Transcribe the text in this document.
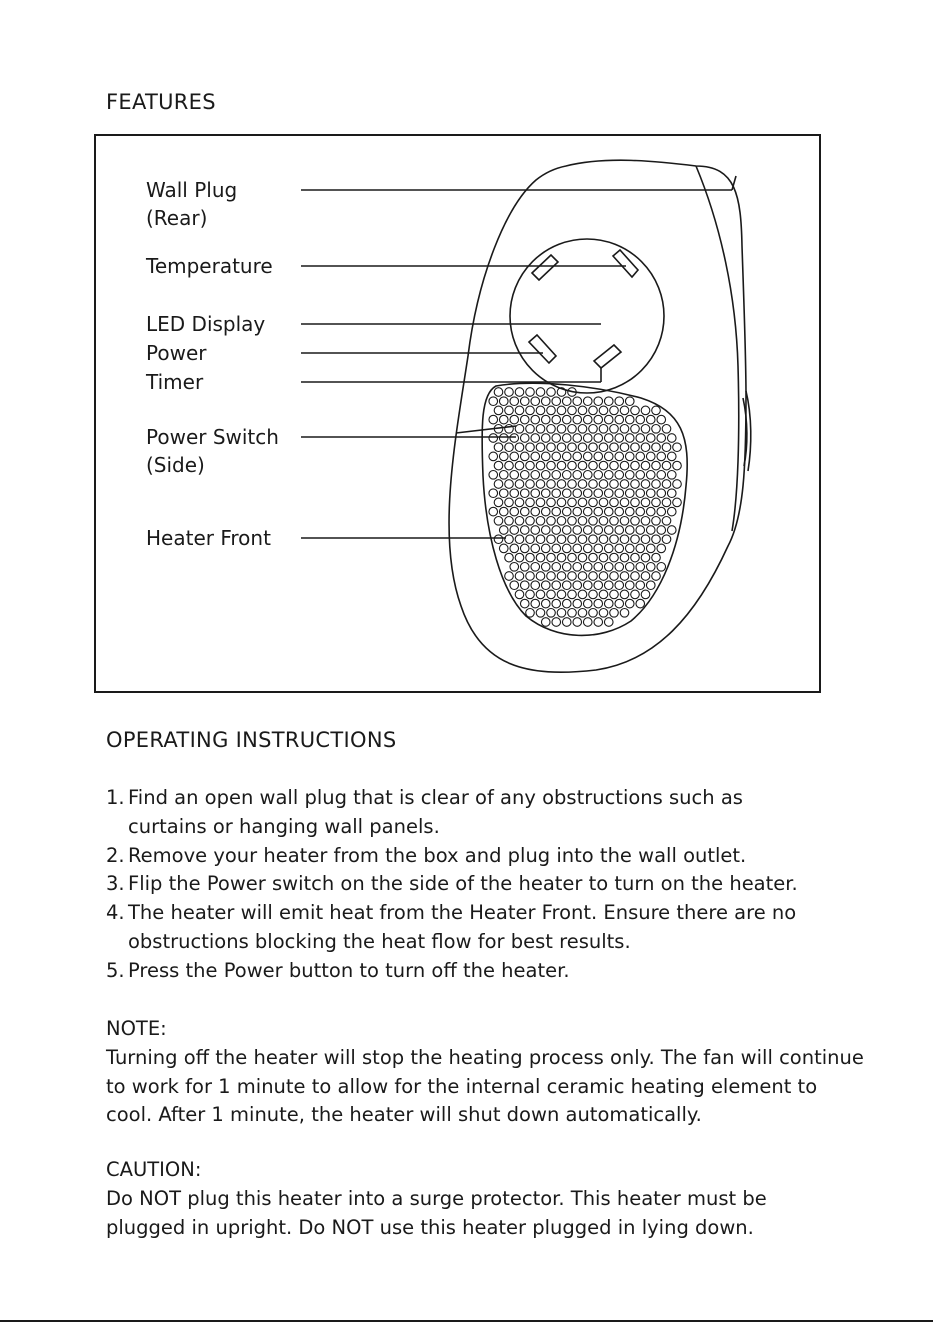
FEATURES
Wall Plug
(Rear)
Temperature
LED Display
Power
Timer
Power Switch
(Side)
Heater Front
OPERATING INSTRUCTIONS
1. Find an open wall plug that is clear of any obstructions such as curtains or hanging wall panels.
2. Remove your heater from the box and plug into the wall outlet.
3. Flip the Power switch on the side of the heater to turn on the heater.
4. The heater will emit heat from the Heater Front. Ensure there are no obstructions blocking the heat flow for best results.
5. Press the Power button to turn off the heater.
NOTE:
Turning off the heater will stop the heating process only. The fan will continue to work for 1 minute to allow for the internal ceramic heating element to cool. After 1 minute, the heater will shut down automatically.
CAUTION:
Do NOT plug this heater into a surge protector. This heater must be plugged in upright. Do NOT use this heater plugged in lying down.
